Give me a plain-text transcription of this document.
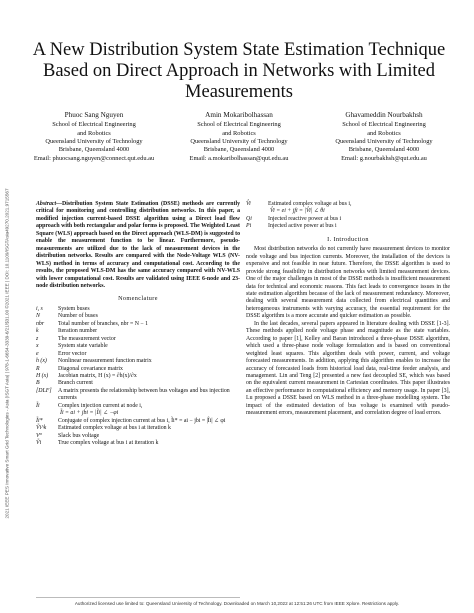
2021 IEEE PES Innovative Smart Grid Technologies - Asia (ISGT Asia) | 978-1-6654-3339-6/21/$31.00 ©2021 IEEE | DOI: 10.1109/ISGTAsia49270.2021.9715567
A New Distribution System State Estimation Technique Based on Direct Approach in Networks with Limited Measurements
Phuoc Sang Nguyen
School of Electrical Engineering
and Robotics
Queensland University of Technology
Brisbane, Queensland 4000
Email: phuocsang.nguyen@connect.qut.edu.au
Amin Mokaribolhassan
School of Electrical Engineering
and Robotics
Queensland University of Technology
Brisbane, Queensland 4000
Email: a.mokaribolhassan@qut.edu.au
Ghavameddin Nourbakhsh
School of Electrical Engineering
and Robotics
Queensland University of Technology
Brisbane, Queensland 4000
Email: g.nourbakhsh@qut.edu.au

Abstract—Distribution System State Estimation (DSSE) methods are currently critical for monitoring and controlling distribution networks. In this paper, a modified injection current-based DSSE algorithm using a Direct load flow approach with both rectangular and polar forms is proposed. The Weighted Least Square (WLS) approach based on the Direct approach (WLS-DM) is suggested to enable the measurement function to be linear. Furthermore, pseudo-measurements are utilized due to the lack of measurement devices in the distribution networks. Results are compared with the Node-Voltage WLS (NV-WLS) method in terms of accuracy and computational cost. According to the results, the proposed WLS-DM has the same accuracy compared with NV-WLS with lower computational cost. Results are validated using IEEE 6-node and 23-node distribution networks.

Nomenclature
i, s	System buses
N	Number of buses
nbr	Total number of branches, nbr = N − 1
k	Iteration number
z	The measurement vector
x	System state variable
e	Error vector
h (x)	Nonlinear measurement function matrix
R	Diagonal covariance matrix
H (x)	Jacobian matrix, H (x) = ∂h(x)/∂x
B	Branch current
[DLF]	A matrix presents the relationship between bus voltages and bus injection currents
Ĩi	Complex injection current at node i,
Ĩi = ai + jbi = |Ĩi| ∠ −φi
Ĩi*	Conjugate of complex injection current at bus i, Ĩi* = ai − jbi = |Ĩi| ∠ φi
Ṽi^k	Estimated complex voltage at bus i at iteration k
V⁰	Slack bus voltage
Ṽi	True complex voltage at bus i at iteration k
V̂i	Estimated complex voltage at bus i,
V̂i = ei + jfi = |V̂i| ∠ θi
Qi	Injected reactive power at bus i
Pi	Injected active power at bus i
I. Introduction

Most distribution networks do not currently have measurement devices to monitor node voltage and bus injection currents. Moreover, the installation of the devices is expensive and not feasible in near future. Therefore, the DSSE algorithm is used to provide strong feasibility in distribution networks with limited measurement devices. One of the major challenges in most of the DSSE methods is insufficient measurement data for technical and economic reasons. This fact leads to convergence issues in the state estimation algorithm because of the lack of measurement redundancy. Moreover, dealing with several measurement data collected from electrical quantities and heterogeneous instruments with varying accuracy, the essential requirement for the DSSE algorithm is a more accurate and quicker estimation as possible.

In the last decades, several papers appeared in literature dealing with DSSE [1-3]. These methods applied node voltage phase and magnitude as the state variables. According to paper [1], Kelley and Baran introduced a three-phase DSSE algorithm, which used a three-phase node voltage formulation and is based on conventional weighted least squares. This algorithm deals with power, current, and voltage forecasted measurements. In addition, applying this algorithm enables to increase the accuracy of forecasted loads from historical load data, real-time feeder analysis, and management. Lin and Teng [2] presented a new fast decoupled SE, which was based on the equivalent current measurement in Cartesian coordinates. This paper illustrates an effective performance in computational efficiency and memory usage. In paper [3], Lu proposed a DSSE based on WLS method in a three-phase modelling system. The impact of the estimated deviation of bus voltage is examined with pseudo-measurement errors, measurement placement, and correlation degree of load errors.

Authorized licensed use limited to: Queensland University of Technology. Downloaded on March 10,2022 at 12:51:26 UTC from IEEE Xplore. Restrictions apply.
